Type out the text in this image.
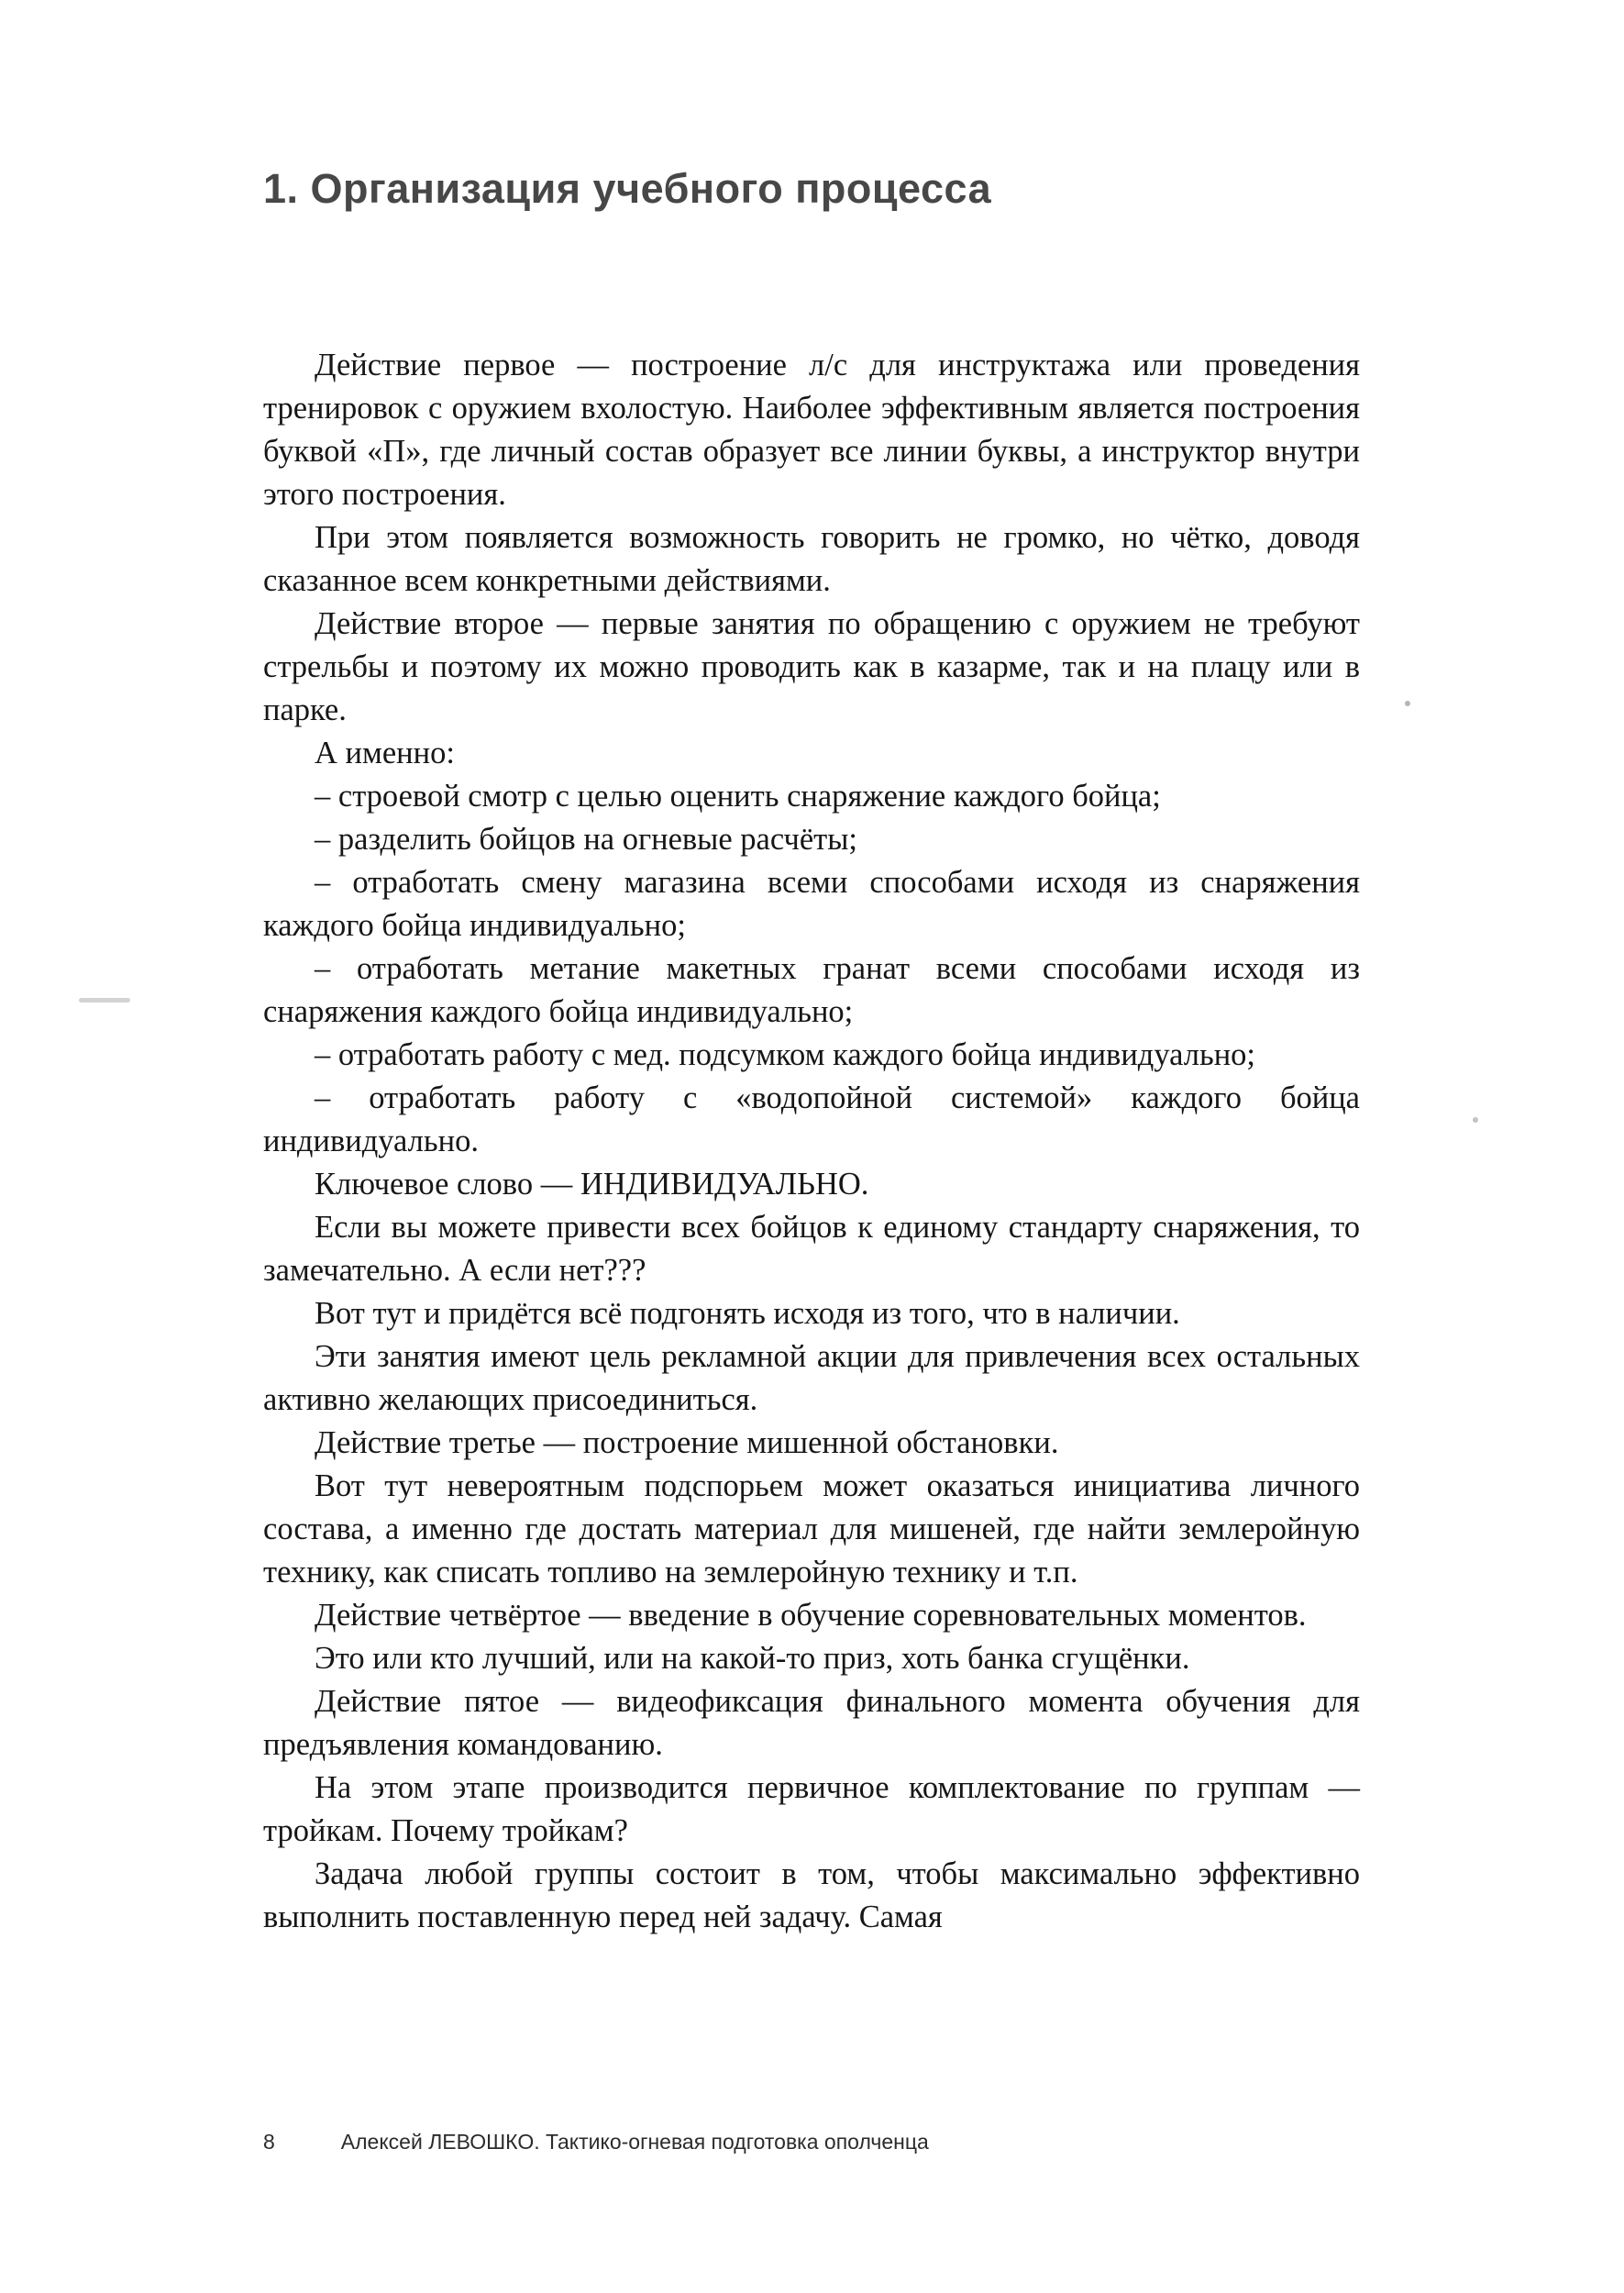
1. Организация учебного процесса

Действие первое — построение л/с для инструктажа или проведения тренировок с оружием вхолостую. Наиболее эффективным является построения буквой «П», где личный состав образует все линии буквы, а инструктор внутри этого построения.

При этом появляется возможность говорить не громко, но чётко, доводя сказанное всем конкретными действиями.

Действие второе — первые занятия по обращению с оружием не требуют стрельбы и поэтому их можно проводить как в казарме, так и на плацу или в парке.

А именно:

– строевой смотр с целью оценить снаряжение каждого бойца;

– разделить бойцов на огневые расчёты;

– отработать смену магазина всеми способами исходя из снаряжения каждого бойца индивидуально;

– отработать метание макетных гранат всеми способами исходя из снаряжения каждого бойца индивидуально;

– отработать работу с мед. подсумком каждого бойца индивидуально;

– отработать работу с «водопойной системой» каждого бойца индивидуально.

Ключевое слово — ИНДИВИДУАЛЬНО.

Если вы можете привести всех бойцов к единому стандарту снаряжения, то замечательно. А если нет???

Вот тут и придётся всё подгонять исходя из того, что в наличии.

Эти занятия имеют цель рекламной акции для привлечения всех остальных активно желающих присоединиться.

Действие третье — построение мишенной обстановки.

Вот тут невероятным подспорьем может оказаться инициатива личного состава, а именно где достать материал для мишеней, где найти землеройную технику, как списать топливо на землеройную технику и т.п.

Действие четвёртое — введение в обучение соревновательных моментов.

Это или кто лучший, или на какой-то приз, хоть банка сгущёнки.

Действие пятое — видеофиксация финального момента обучения для предъявления командованию.

На этом этапе производится первичное комплектование по группам — тройкам. Почему тройкам?

Задача любой группы состоит в том, чтобы максимально эффективно выполнить поставленную перед ней задачу. Самая

8	Алексей ЛЕВОШКО. Тактико-огневая подготовка ополченца
